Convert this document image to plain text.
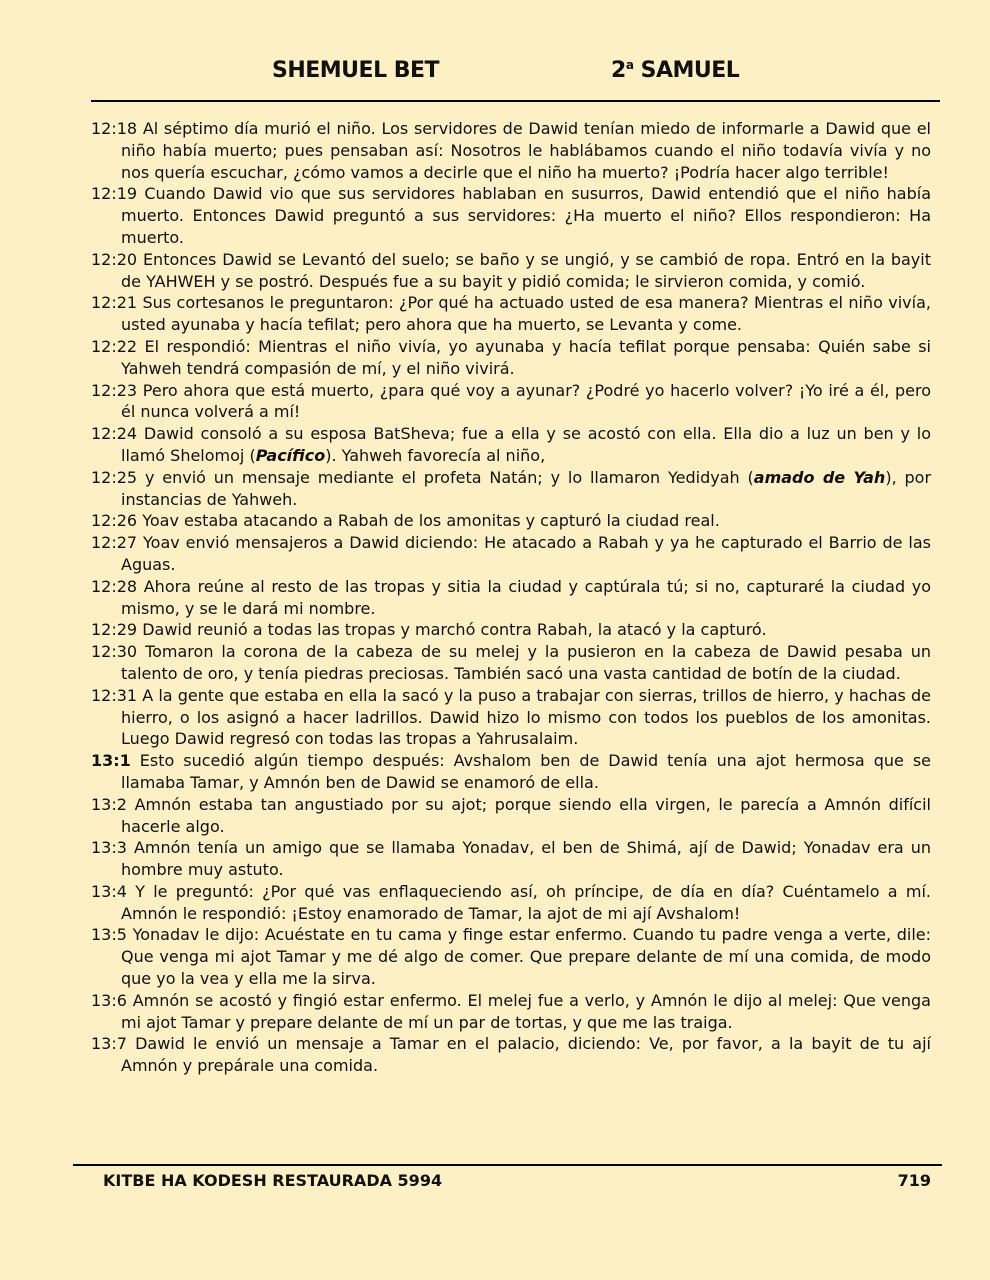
SHEMUEL BET	2$^a$ SAMUEL

12:18 Al séptimo día murió el niño. Los servidores de Dawid tenían miedo de informarle a Dawid que el niño había muerto; pues pensaban así: Nosotros le hablábamos cuando el niño todavía vivía y no nos quería escuchar, ¿cómo vamos a decirle que el niño ha muerto? ¡Podría hacer algo terrible!

12:19 Cuando Dawid vio que sus servidores hablaban en susurros, Dawid entendió que el niño había muerto. Entonces Dawid preguntó a sus servidores: ¿Ha muerto el niño? Ellos respondieron: Ha muerto.

12:20 Entonces Dawid se Levantó del suelo; se baño y se ungió, y se cambió de ropa. Entró en la bayit de YAHWEH y se postró. Después fue a su bayit y pidió comida; le sirvieron comida, y comió.

12:21 Sus cortesanos le preguntaron: ¿Por qué ha actuado usted de esa manera? Mientras el niño vivía, usted ayunaba y hacía tefilat; pero ahora que ha muerto, se Levanta y come.

12:22 El respondió: Mientras el niño vivía, yo ayunaba y hacía tefilat porque pensaba: Quién sabe si Yahweh tendrá compasión de mí, y el niño vivirá.

12:23 Pero ahora que está muerto, ¿para qué voy a ayunar? ¿Podré yo hacerlo volver? ¡Yo iré a él, pero él nunca volverá a mí!

12:24 Dawid consoló a su esposa BatSheva; fue a ella y se acostó con ella. Ella dio a luz un ben y lo llamó Shelomoj (Pacífico). Yahweh favorecía al niño,

12:25 y envió un mensaje mediante el profeta Natán; y lo llamaron Yedidyah (amado de Yah), por instancias de Yahweh.

12:26 Yoav estaba atacando a Rabah de los amonitas y capturó la ciudad real.

12:27 Yoav envió mensajeros a Dawid diciendo: He atacado a Rabah y ya he capturado el Barrio de las Aguas.

12:28 Ahora reúne al resto de las tropas y sitia la ciudad y captúrala tú; si no, capturaré la ciudad yo mismo, y se le dará mi nombre.

12:29 Dawid reunió a todas las tropas y marchó contra Rabah, la atacó y la capturó.

12:30 Tomaron la corona de la cabeza de su melej y la pusieron en la cabeza de Dawid pesaba un talento de oro, y tenía piedras preciosas. También sacó una vasta cantidad de botín de la ciudad.

12:31 A la gente que estaba en ella la sacó y la puso a trabajar con sierras, trillos de hierro, y hachas de hierro, o los asignó a hacer ladrillos. Dawid hizo lo mismo con todos los pueblos de los amonitas. Luego Dawid regresó con todas las tropas a Yahrusalaim.

13:1 Esto sucedió algún tiempo después: Avshalom ben de Dawid tenía una ajot hermosa que se llamaba Tamar, y Amnón ben de Dawid se enamoró de ella.

13:2 Amnón estaba tan angustiado por su ajot; porque siendo ella virgen, le parecía a Amnón difícil hacerle algo.

13:3 Amnón tenía un amigo que se llamaba Yonadav, el ben de Shimá, ají de Dawid; Yonadav era un hombre muy astuto.

13:4 Y le preguntó: ¿Por qué vas enflaqueciendo así, oh príncipe, de día en día? Cuéntamelo a mí. Amnón le respondió: ¡Estoy enamorado de Tamar, la ajot de mi ají Avshalom!

13:5 Yonadav le dijo: Acuéstate en tu cama y finge estar enfermo. Cuando tu padre venga a verte, dile: Que venga mi ajot Tamar y me dé algo de comer. Que prepare delante de mí una comida, de modo que yo la vea y ella me la sirva.

13:6 Amnón se acostó y fingió estar enfermo. El melej fue a verlo, y Amnón le dijo al melej: Que venga mi ajot Tamar y prepare delante de mí un par de tortas, y que me las traiga.

13:7 Dawid le envió un mensaje a Tamar en el palacio, diciendo: Ve, por favor, a la bayit de tu ají Amnón y prepárale una comida.

KITBE HA KODESH RESTAURADA 5994	719
